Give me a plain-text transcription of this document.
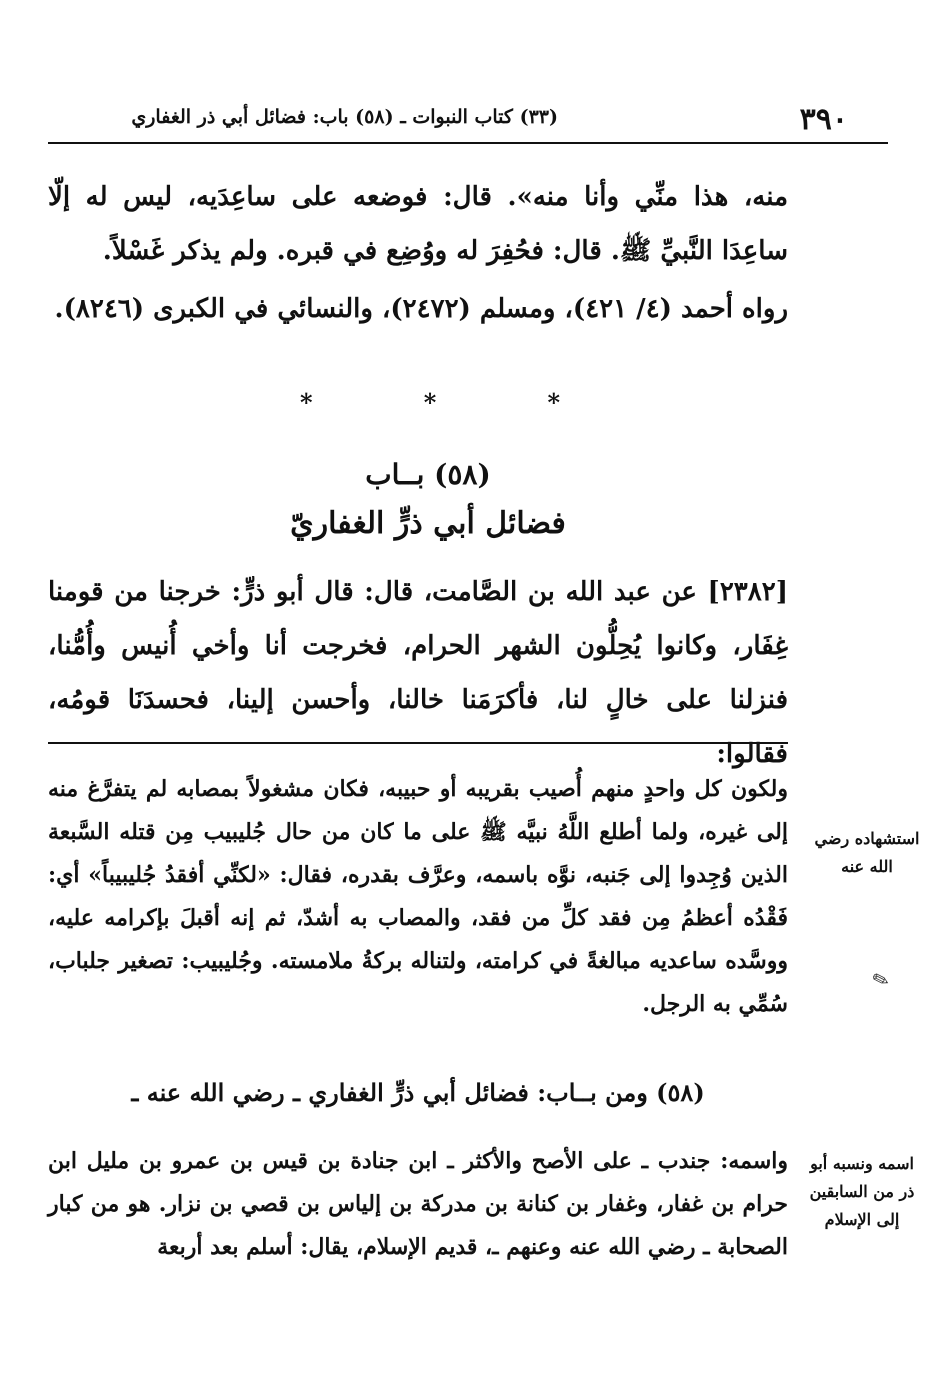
٣٩٠
(٣٣) كتاب النبوات ـ (٥٨) باب: فضائل أبي ذر الغفاري

منه، هذا منِّي وأنا منه». قال: فوضعه على ساعِدَيه، ليس له إلّا ساعِدَا النَّبيِّ ﷺ. قال: فحُفِرَ له ووُضِع في قبره. ولم يذكر غَسْلاً.

رواه أحمد (٤/ ٤٢١)، ومسلم (٢٤٧٢)، والنسائي في الكبرى (٨٢٤٦).

*	*	*
(٥٨) بــاب
فضائل أبي ذرٍّ الغفاريّ

[٢٣٨٢] عن عبد الله بن الصَّامت، قال: قال أبو ذرٍّ: خرجنا من قومنا غِفَار، وكانوا يُحِلُّون الشهر الحرام، فخرجت أنا وأخي أُنيس وأُمُّنا، فنزلنا على خالٍ لنا، فأكرَمَنا خالنا، وأحسن إلينا، فحسدَنَا قومُه، فقالوا:

ولكون كل واحدٍ منهم أُصيب بقريبه أو حبيبه، فكان مشغولاً بمصابه لم يتفرَّغ منه إلى غيره، ولما أطلع اللَّهُ نبيَّه ﷺ على ما كان من حال جُليبيب مِن قتله السَّبعة الذين وُجِدوا إلى جَنبه، نوَّه باسمه، وعرَّف بقدره، فقال: «لكنِّي أفقدُ جُليبيباً» أي: فَقْدُه أعظمُ مِن فقد كلِّ من فقد، والمصاب به أشدّ، ثم إنه أقبلَ بإكرامه عليه، ووسَّده ساعديه مبالغةً في كرامته، ولتناله بركةُ ملامسته. وجُليبيب: تصغير جلباب، سُمِّي به الرجل.
استشهاده رضي الله عنه
✎
(٥٨) ومن بــاب: فضائل أبي ذرٍّ الغفاري ـ رضي الله عنه ـ
واسمه: جندب ـ على الأصح والأكثر ـ ابن جنادة بن قيس بن عمرو بن مليل ابن حرام بن غفار، وغفار بن كنانة بن مدركة بن إلياس بن قصي بن نزار. هو من كبار الصحابة ـ رضي الله عنه وعنهم ـ، قديم الإسلام، يقال: أسلم بعد أربعة
اسمه ونسبه أبو ذر من السابقين إلى الإسلام
